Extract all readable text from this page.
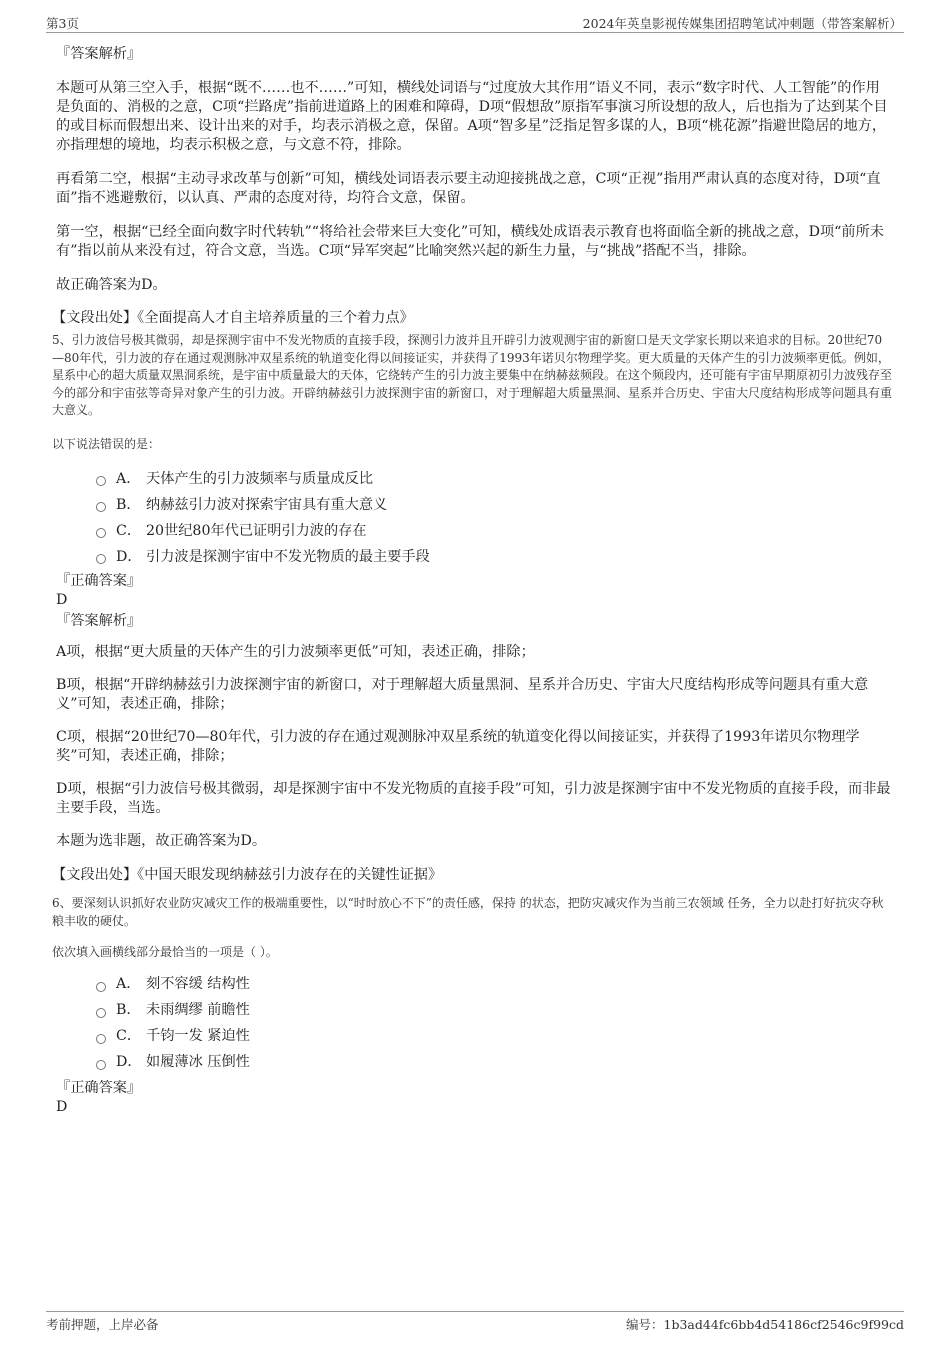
第3页	2024年英皇影视传媒集团招聘笔试冲刺题（带答案解析）
『答案解析』

本题可从第三空入手，根据“既不……也不……”可知，横线处词语与“过度放大其作用”语义不同，表示“数字时代、人工智能”的作用是负面的、消极的之意，C项“拦路虎”指前进道路上的困难和障碍，D项“假想敌”原指军事演习所设想的敌人，后也指为了达到某个目的或目标而假想出来、设计出来的对手，均表示消极之意，保留。A项“智多星”泛指足智多谋的人，B项“桃花源”指避世隐居的地方，亦指理想的境地，均表示积极之意，与文意不符，排除。

再看第二空，根据“主动寻求改革与创新”可知，横线处词语表示要主动迎接挑战之意，C项“正视”指用严肃认真的态度对待，D项“直面”指不逃避敷衍，以认真、严肃的态度对待，均符合文意，保留。

第一空，根据“已经全面向数字时代转轨”“将给社会带来巨大变化”可知，横线处成语表示教育也将面临全新的挑战之意，D项“前所未有”指以前从来没有过，符合文意，当选。C项“异军突起”比喻突然兴起的新生力量，与“挑战”搭配不当，排除。

故正确答案为D。

【文段出处】《全面提高人才自主培养质量的三个着力点》
5、引力波信号极其微弱，却是探测宇宙中不发光物质的直接手段，探测引力波并且开辟引力波观测宇宙的新窗口是天文学家长期以来追求的目标。20世纪70—80年代，引力波的存在通过观测脉冲双星系统的轨道变化得以间接证实，并获得了1993年诺贝尔物理学奖。更大质量的天体产生的引力波频率更低。例如，星系中心的超大质量双黑洞系统，是宇宙中质量最大的天体，它绕转产生的引力波主要集中在纳赫兹频段。在这个频段内，还可能有宇宙早期原初引力波残存至今的部分和宇宙弦等奇异对象产生的引力波。开辟纳赫兹引力波探测宇宙的新窗口，对于理解超大质量黑洞、星系并合历史、宇宙大尺度结构形成等问题具有重大意义。
以下说法错误的是：
A． 天体产生的引力波频率与质量成反比
B． 纳赫兹引力波对探索宇宙具有重大意义
C． 20世纪80年代已证明引力波的存在
D． 引力波是探测宇宙中不发光物质的最主要手段
『正确答案』
D
『答案解析』

A项，根据“更大质量的天体产生的引力波频率更低”可知，表述正确，排除；

B项，根据“开辟纳赫兹引力波探测宇宙的新窗口，对于理解超大质量黑洞、星系并合历史、宇宙大尺度结构形成等问题具有重大意义”可知，表述正确，排除；

C项，根据“20世纪70—80年代，引力波的存在通过观测脉冲双星系统的轨道变化得以间接证实，并获得了1993年诺贝尔物理学奖”可知，表述正确，排除；

D项，根据“引力波信号极其微弱，却是探测宇宙中不发光物质的直接手段”可知，引力波是探测宇宙中不发光物质的直接手段，而非最主要手段，当选。

本题为选非题，故正确答案为D。

【文段出处】《中国天眼发现纳赫兹引力波存在的关键性证据》
6、要深刻认识抓好农业防灾减灾工作的极端重要性，以“时时放心不下”的责任感，保持 的状态，把防灾减灾作为当前三农领域 任务，全力以赴打好抗灾夺秋粮丰收的硬仗。
依次填入画横线部分最恰当的一项是（ ）。
A． 刻不容缓 结构性
B． 未雨绸缪 前瞻性
C． 千钧一发 紧迫性
D． 如履薄冰 压倒性
『正确答案』
D
考前押题，上岸必备	编号：1b3ad44fc6bb4d54186cf2546c9f99cd
